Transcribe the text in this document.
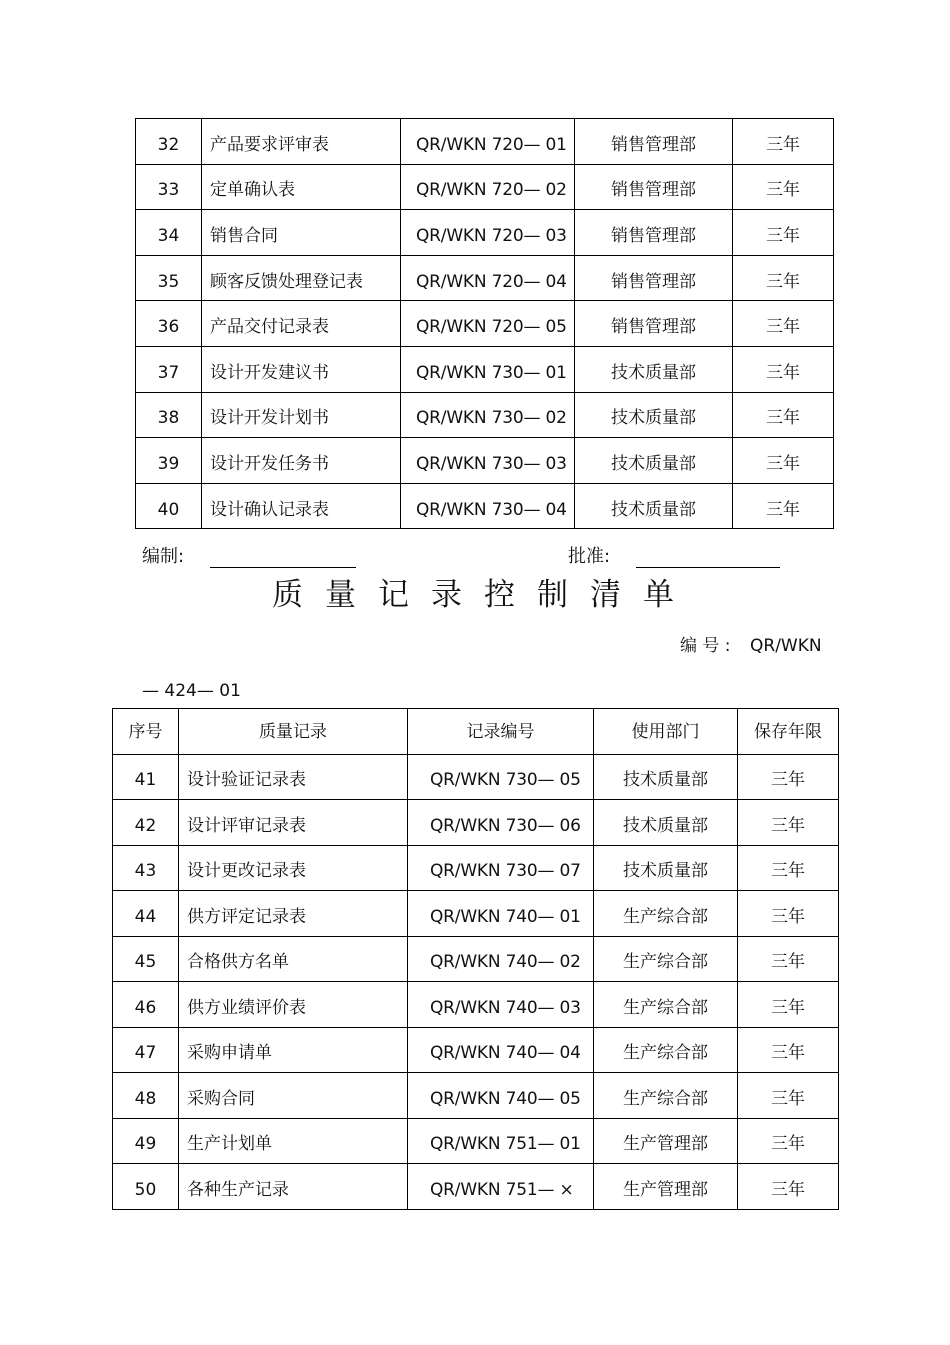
32	产品要求评审表	QR/WKN 720— 01	销售管理部	三年
33	定单确认表	QR/WKN 720— 02	销售管理部	三年
34	销售合同	QR/WKN 720— 03	销售管理部	三年
35	顾客反馈处理登记表	QR/WKN 720— 04	销售管理部	三年
36	产品交付记录表	QR/WKN 720— 05	销售管理部	三年
37	设计开发建议书	QR/WKN 730— 01	技术质量部	三年
38	设计开发计划书	QR/WKN 730— 02	技术质量部	三年
39	设计开发任务书	QR/WKN 730— 03	技术质量部	三年
40	设计确认记录表	QR/WKN 730— 04	技术质量部	三年
编制:	批准:
质量记录控制清单
编 号 : QR/WKN
— 424— 01
序号	质量记录	记录编号	使用部门	保存年限
41	设计验证记录表	QR/WKN 730— 05	技术质量部	三年
42	设计评审记录表	QR/WKN 730— 06	技术质量部	三年
43	设计更改记录表	QR/WKN 730— 07	技术质量部	三年
44	供方评定记录表	QR/WKN 740— 01	生产综合部	三年
45	合格供方名单	QR/WKN 740— 02	生产综合部	三年
46	供方业绩评价表	QR/WKN 740— 03	生产综合部	三年
47	采购申请单	QR/WKN 740— 04	生产综合部	三年
48	采购合同	QR/WKN 740— 05	生产综合部	三年
49	生产计划单	QR/WKN 751— 01	生产管理部	三年
50	各种生产记录	QR/WKN 751— ×	生产管理部	三年
